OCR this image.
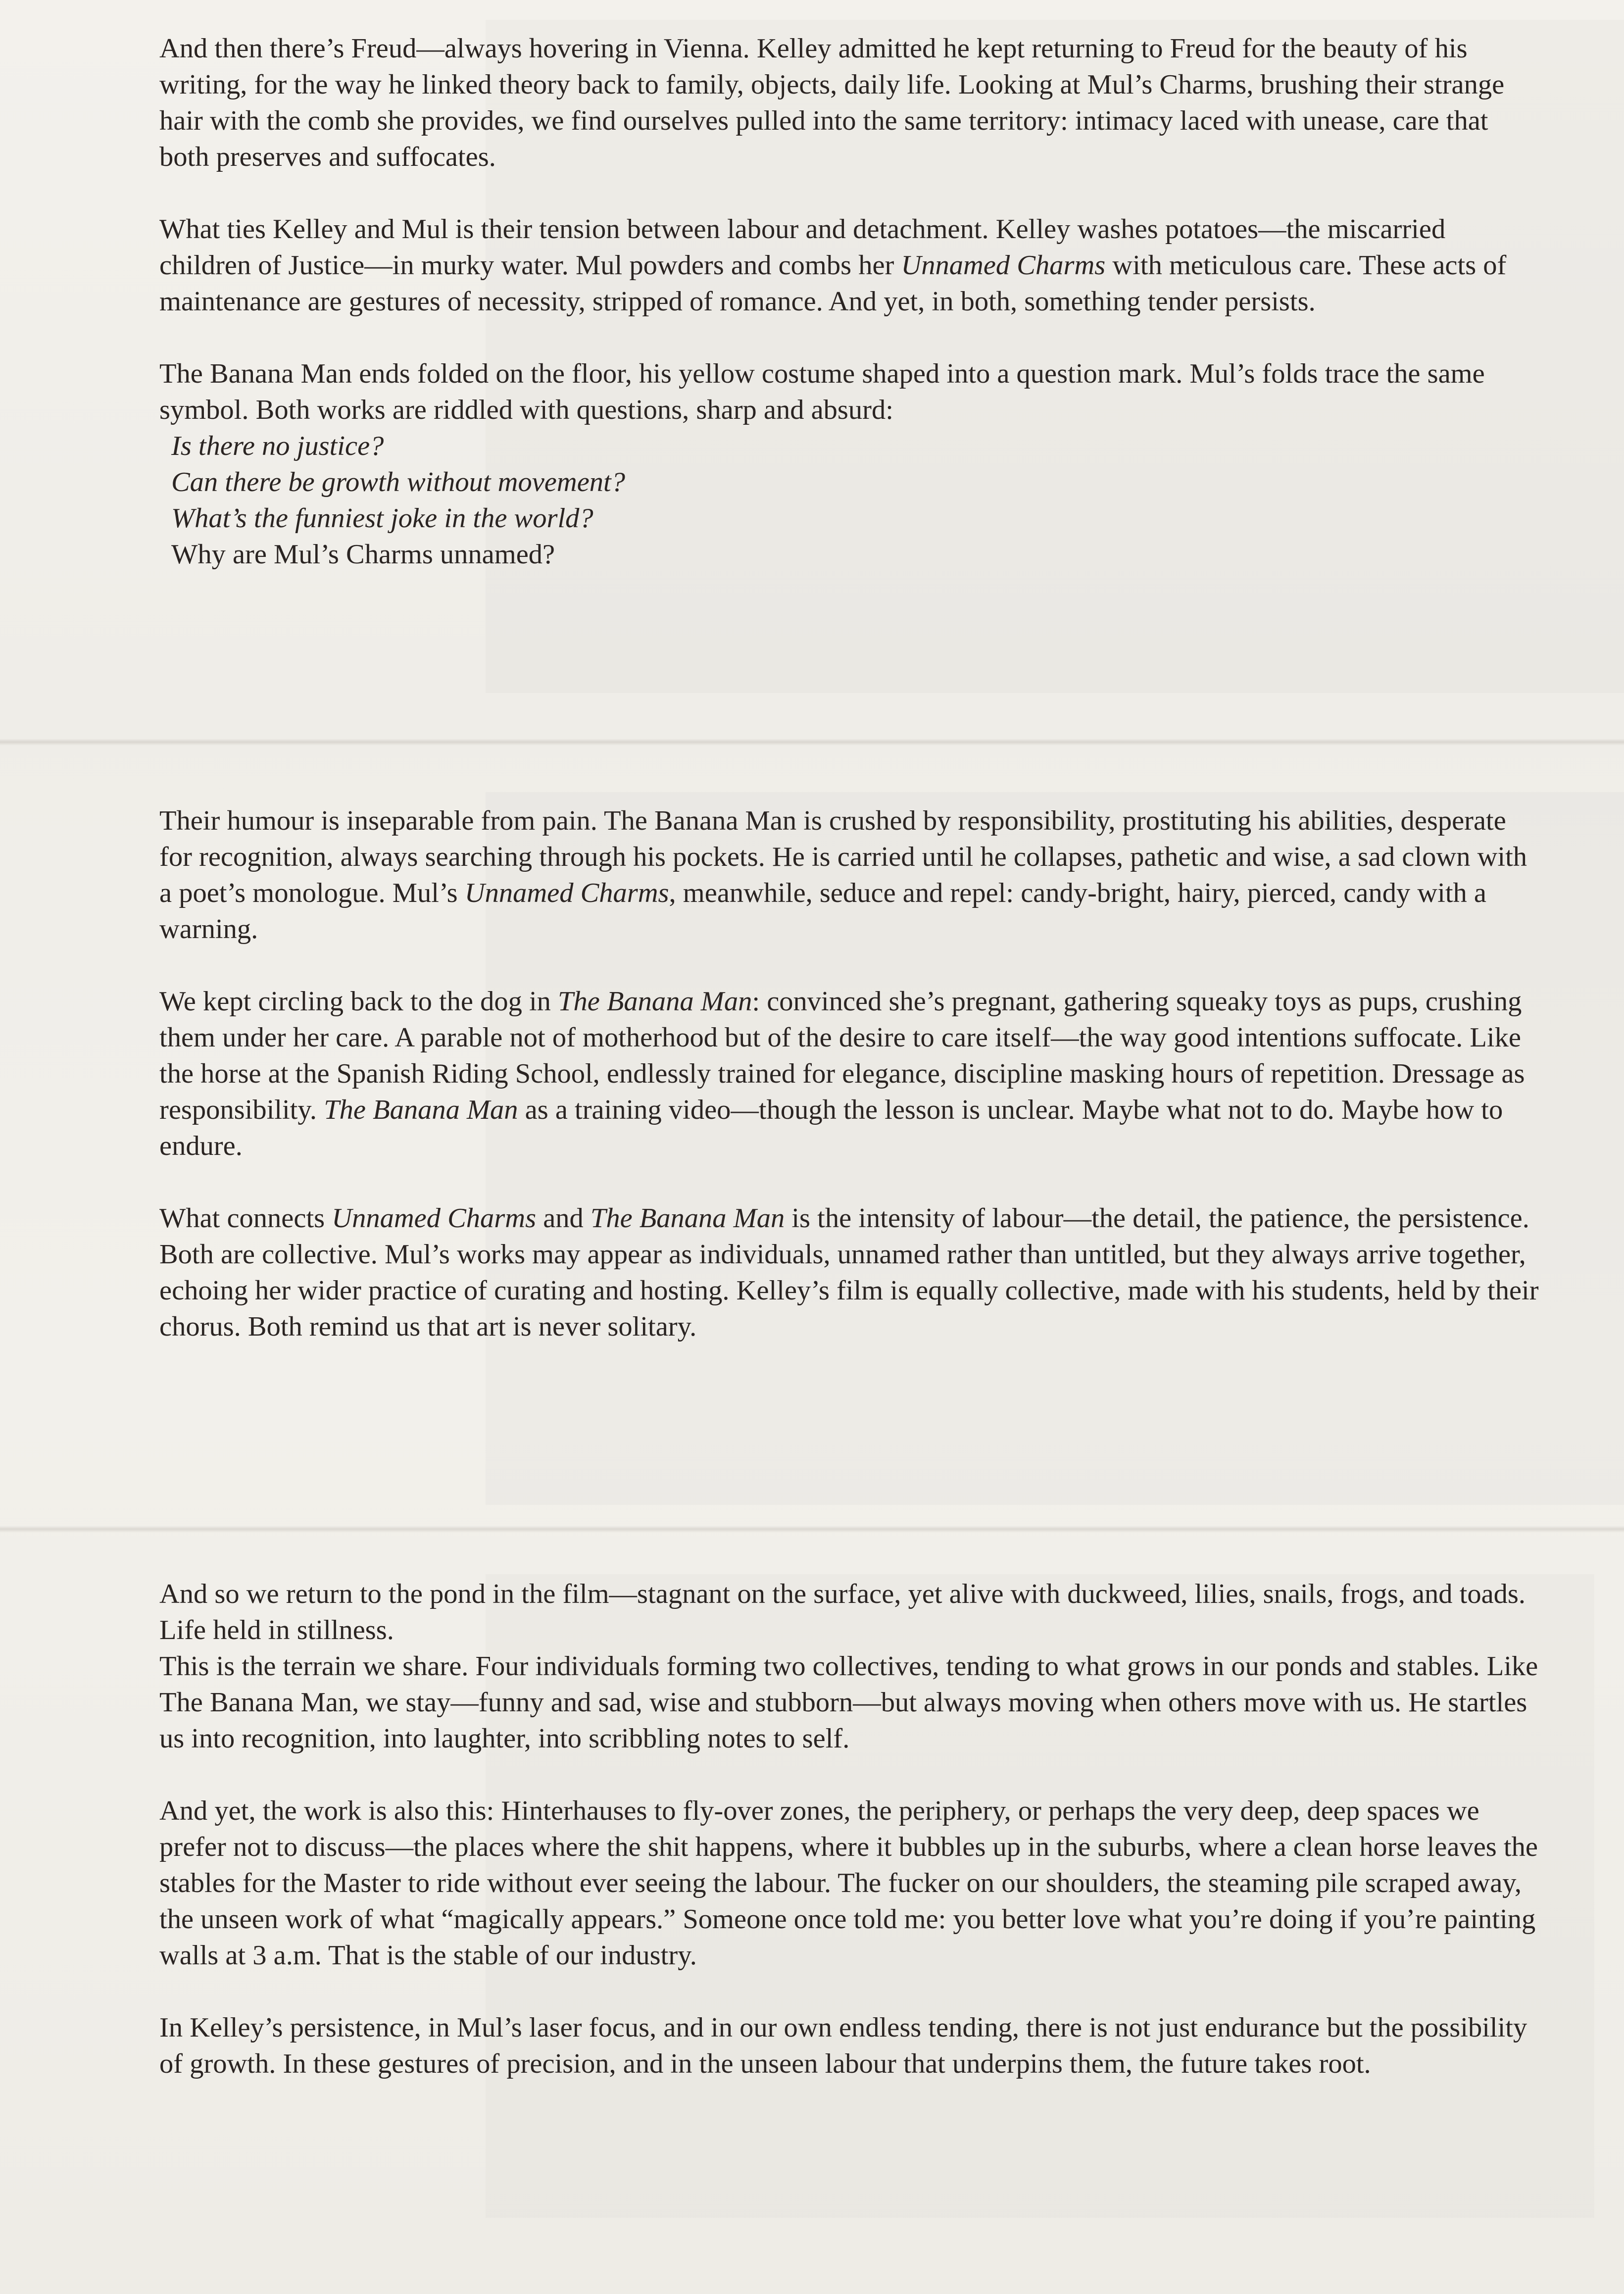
And then there’s Freud—always hovering in Vienna. Kelley admitted he kept returning to Freud for the beauty of his writing, for the way he linked theory back to family, objects, daily life. Looking at Mul’s Charms, brushing their strange hair with the comb she provides, we find ourselves pulled into the same territory: intimacy laced with unease, care that both preserves and suffocates.

What ties Kelley and Mul is their tension between labour and detachment. Kelley washes potatoes—the miscarried children of Justice—in murky water. Mul powders and combs her Unnamed Charms with meticulous care. These acts of maintenance are gestures of necessity, stripped of romance. And yet, in both, something tender persists.

The Banana Man ends folded on the floor, his yellow costume shaped into a question mark. Mul’s folds trace the same symbol. Both works are riddled with questions, sharp and absurd:

Is there no justice?
Can there be growth without movement?
What’s the funniest joke in the world?
Why are Mul’s Charms unnamed?

Their humour is inseparable from pain. The Banana Man is crushed by responsibility, prostituting his abilities, desperate for recognition, always searching through his pockets. He is carried until he collapses, pathetic and wise, a sad clown with a poet’s monologue. Mul’s Unnamed Charms, meanwhile, seduce and repel: candy-bright, hairy, pierced, candy with a warning.

We kept circling back to the dog in The Banana Man: convinced she’s pregnant, gathering squeaky toys as pups, crushing them under her care. A parable not of motherhood but of the desire to care itself—the way good intentions suffocate. Like the horse at the Spanish Riding School, endlessly trained for elegance, discipline masking hours of repetition. Dressage as responsibility. The Banana Man as a training video—though the lesson is unclear. Maybe what not to do. Maybe how to endure.

What connects Unnamed Charms and The Banana Man is the intensity of labour—the detail, the patience, the persistence. Both are collective. Mul’s works may appear as individuals, unnamed rather than untitled, but they always arrive together, echoing her wider practice of curating and hosting. Kelley’s film is equally collective, made with his students, held by their chorus. Both remind us that art is never solitary.

And so we return to the pond in the film—stagnant on the surface, yet alive with duckweed, lilies, snails, frogs, and toads. Life held in stillness.

This is the terrain we share. Four individuals forming two collectives, tending to what grows in our ponds and stables. Like The Banana Man, we stay—funny and sad, wise and stubborn—but always moving when others move with us. He startles us into recognition, into laughter, into scribbling notes to self.

And yet, the work is also this: Hinterhauses to fly-over zones, the periphery, or perhaps the very deep, deep spaces we prefer not to discuss—the places where the shit happens, where it bubbles up in the suburbs, where a clean horse leaves the stables for the Master to ride without ever seeing the labour. The fucker on our shoulders, the steaming pile scraped away, the unseen work of what “magically appears.” Someone once told me: you better love what you’re doing if you’re painting walls at 3 a.m. That is the stable of our industry.

In Kelley’s persistence, in Mul’s laser focus, and in our own endless tending, there is not just endurance but the possibility of growth. In these gestures of precision, and in the unseen labour that underpins them, the future takes root.
